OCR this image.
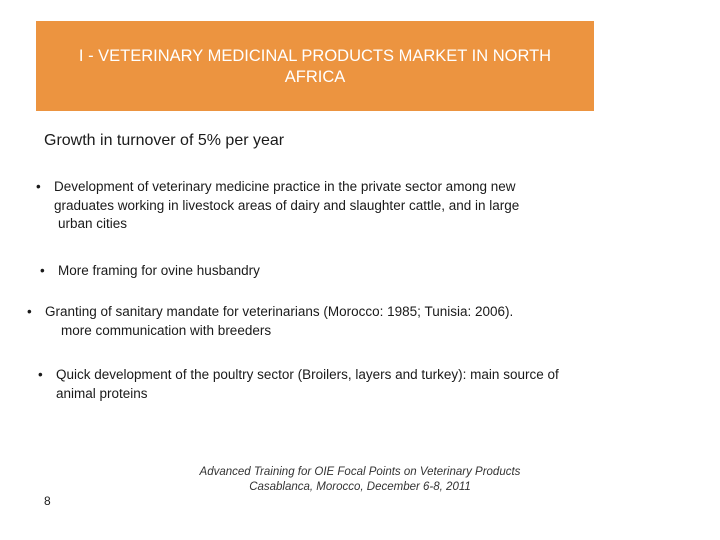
I - VETERINARY MEDICINAL PRODUCTS MARKET IN NORTH AFRICA
Growth in turnover of 5% per year
• Development of veterinary medicine practice in the private sector among new
graduates working in livestock areas of dairy and slaughter cattle, and in large
urban cities
• More framing for ovine husbandry
• Granting of sanitary mandate for veterinarians (Morocco: 1985; Tunisia: 2006).
more communication with breeders
• Quick development of the poultry sector (Broilers, layers and turkey): main source of
animal proteins
Advanced Training for OIE Focal Points on Veterinary Products
Casablanca, Morocco, December 6-8, 2011
8
